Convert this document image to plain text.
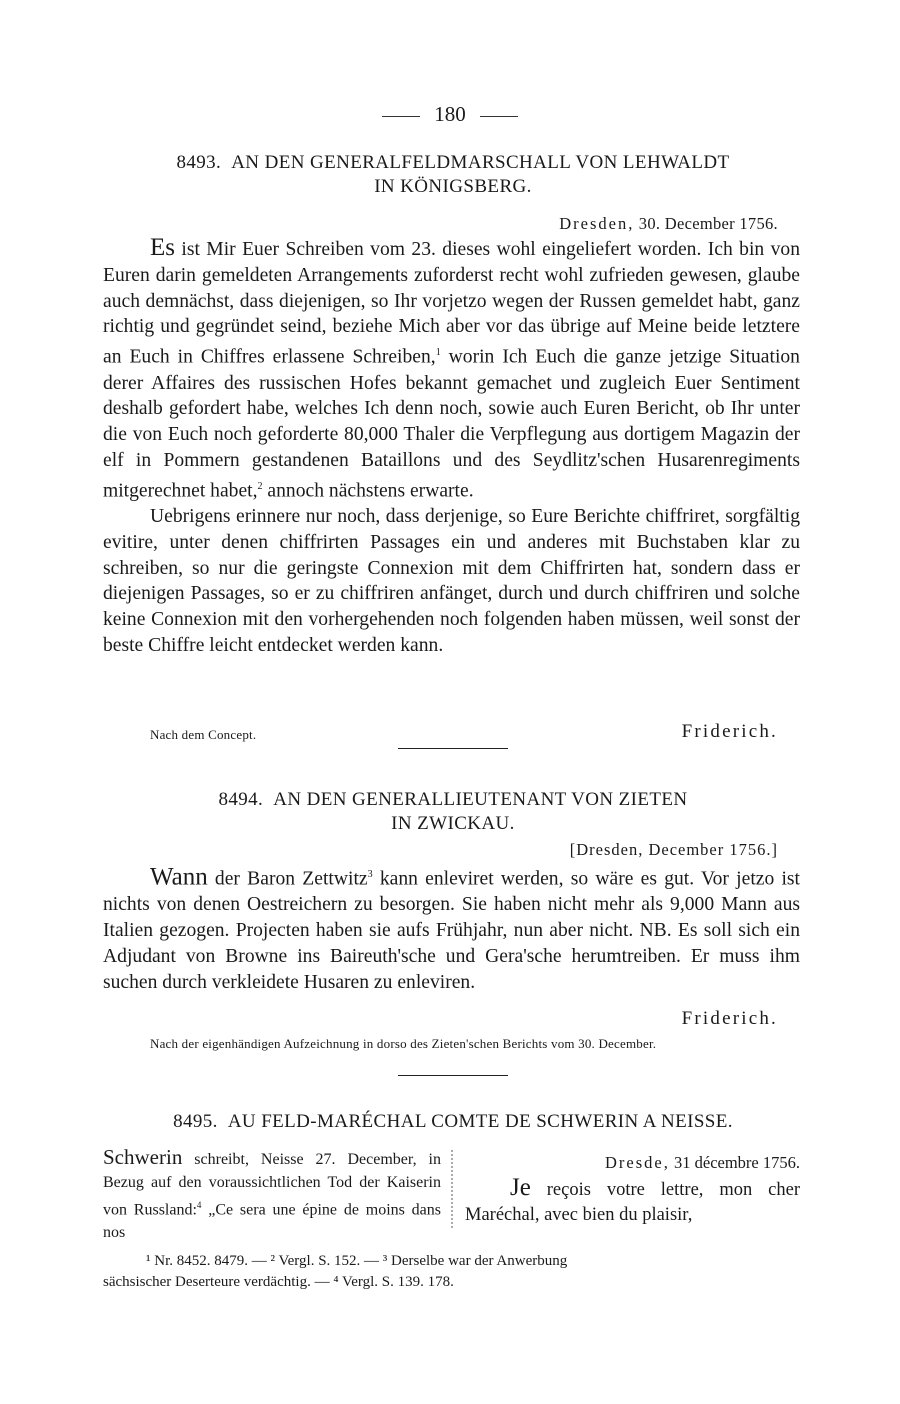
180
8493. AN DEN GENERALFELDMARSCHALL VON LEHWALDT
IN KÖNIGSBERG.
Dresden, 30. December 1756.

Es ist Mir Euer Schreiben vom 23. dieses wohl eingeliefert worden. Ich bin von Euren darin gemeldeten Arrangements zuforderst recht wohl zufrieden gewesen, glaube auch demnächst, dass diejenigen, so Ihr vorjetzo wegen der Russen gemeldet habt, ganz richtig und gegründet seind, beziehe Mich aber vor das übrige auf Meine beide letztere an Euch in Chiffres erlassene Schreiben,$^1$ worin Ich Euch die ganze jetzige Situation derer Affaires des russischen Hofes bekannt gemachet und zugleich Euer Sentiment deshalb gefordert habe, welches Ich denn noch, sowie auch Euren Bericht, ob Ihr unter die von Euch noch geforderte 80,000 Thaler die Verpflegung aus dortigem Magazin der elf in Pommern gestandenen Bataillons und des Seydlitz'schen Husarenregiments mitgerechnet habet,$^2$ annoch nächstens erwarte.

Uebrigens erinnere nur noch, dass derjenige, so Eure Berichte chiffriret, sorgfältig evitire, unter denen chiffrirten Passages ein und anderes mit Buchstaben klar zu schreiben, so nur die geringste Connexion mit dem Chiffrirten hat, sondern dass er diejenigen Passages, so er zu chiffriren anfänget, durch und durch chiffriren und solche keine Connexion mit den vorhergehenden noch folgenden haben müssen, weil sonst der beste Chiffre leicht entdecket werden kann.

Nach dem Concept.	Friderich.
8494. AN DEN GENERALLIEUTENANT VON ZIETEN
IN ZWICKAU.
[Dresden, December 1756.]

Wann der Baron Zettwitz$^3$ kann enleviret werden, so wäre es gut. Vor jetzo ist nichts von denen Oestreichern zu besorgen. Sie haben nicht mehr als 9,000 Mann aus Italien gezogen. Projecten haben sie aufs Frühjahr, nun aber nicht. NB. Es soll sich ein Adjudant von Browne ins Baireuth'sche und Gera'sche herumtreiben. Er muss ihm suchen durch verkleidete Husaren zu enleviren.

Friderich.
Nach der eigenhändigen Aufzeichnung in dorso des Zieten'schen Berichts vom 30. December.
8495. AU FELD-MARÉCHAL COMTE DE SCHWERIN A NEISSE.
Schwerin schreibt, Neisse 27. December, in Bezug auf den voraussichtlichen Tod der Kaiserin von Russland:$^4$ „Ce sera une épine de moins dans nos
Dresde, 31 décembre 1756.
Je reçois votre lettre, mon cher Maréchal, avec bien du plaisir,
¹ Nr. 8452. 8479. — ² Vergl. S. 152. — ³ Derselbe war der Anwerbung
sächsischer Deserteure verdächtig. — ⁴ Vergl. S. 139. 178.
